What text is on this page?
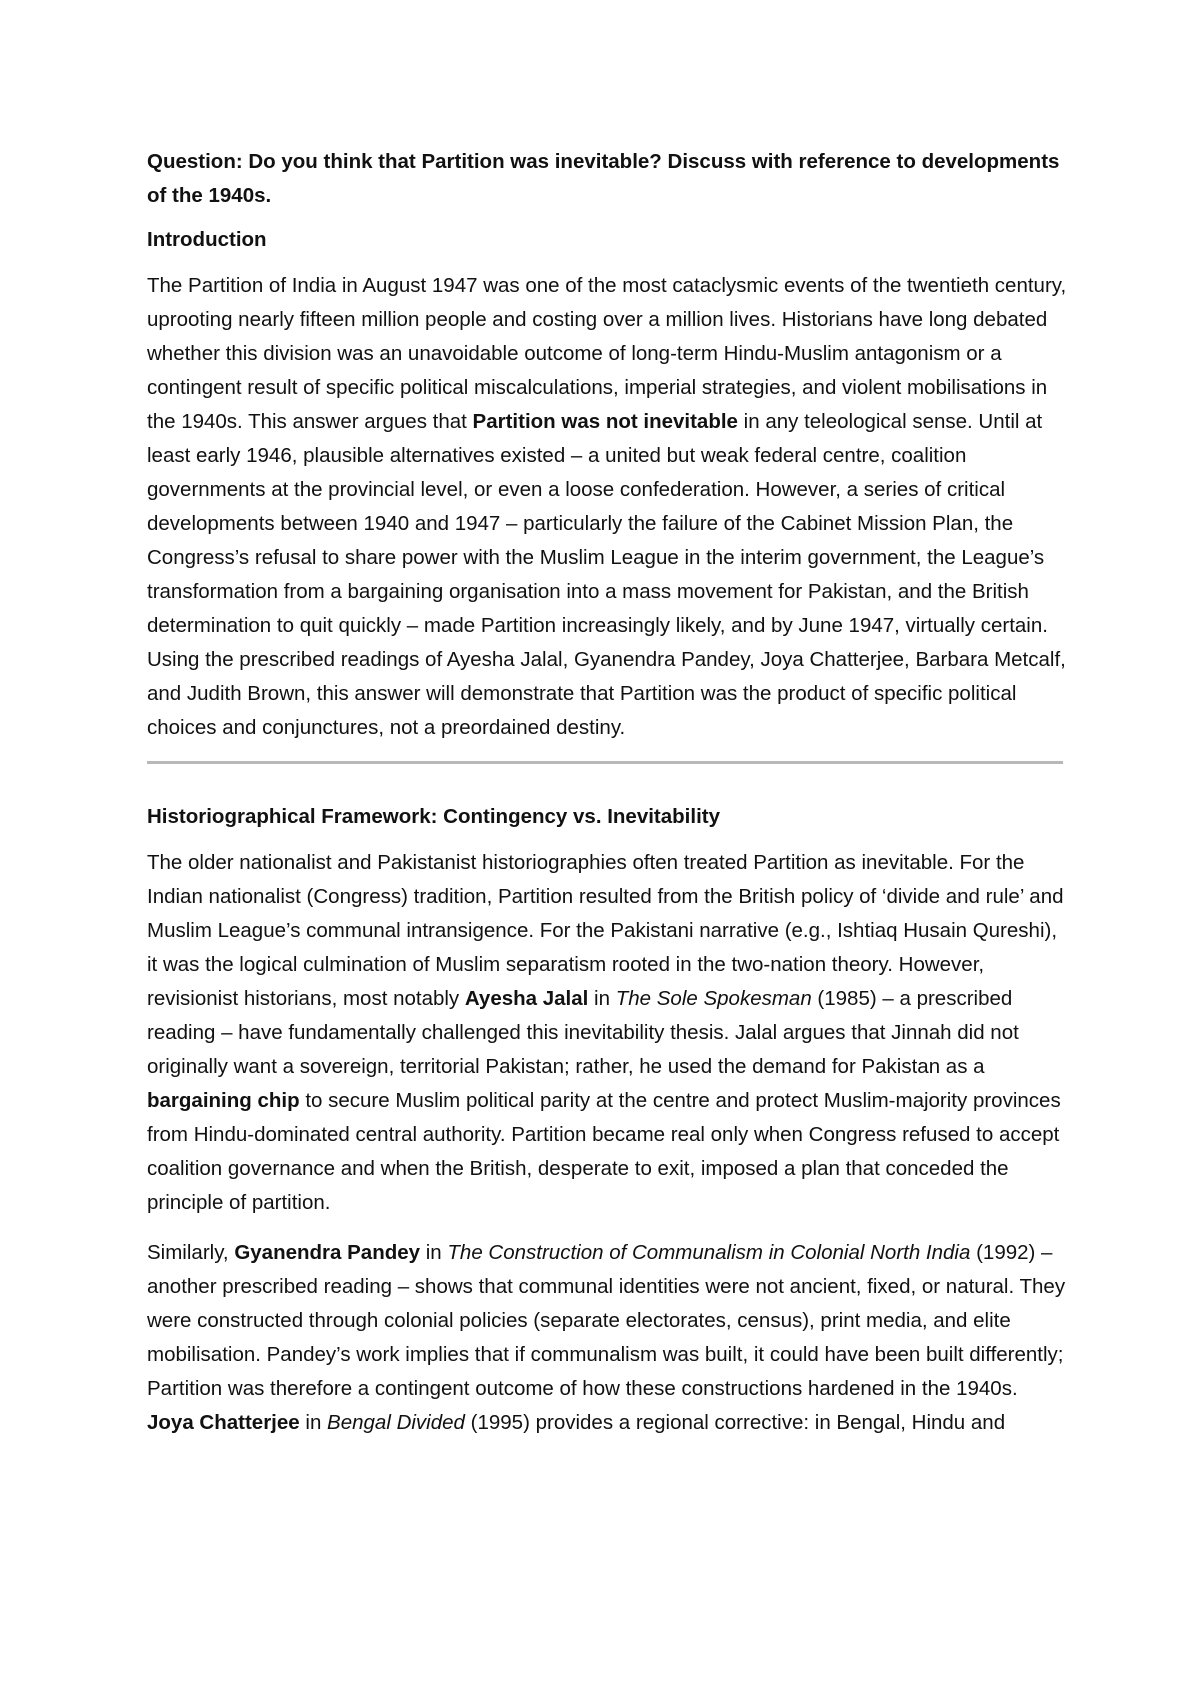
Question: Do you think that Partition was inevitable? Discuss with reference to developments of the 1940s.

Introduction

The Partition of India in August 1947 was one of the most cataclysmic events of the twentieth century, uprooting nearly fifteen million people and costing over a million lives. Historians have long debated whether this division was an unavoidable outcome of long-term Hindu-Muslim antagonism or a contingent result of specific political miscalculations, imperial strategies, and violent mobilisations in the 1940s. This answer argues that Partition was not inevitable in any teleological sense. Until at least early 1946, plausible alternatives existed – a united but weak federal centre, coalition governments at the provincial level, or even a loose confederation. However, a series of critical developments between 1940 and 1947 – particularly the failure of the Cabinet Mission Plan, the Congress’s refusal to share power with the Muslim League in the interim government, the League’s transformation from a bargaining organisation into a mass movement for Pakistan, and the British determination to quit quickly – made Partition increasingly likely, and by June 1947, virtually certain. Using the prescribed readings of Ayesha Jalal, Gyanendra Pandey, Joya Chatterjee, Barbara Metcalf, and Judith Brown, this answer will demonstrate that Partition was the product of specific political choices and conjunctures, not a preordained destiny.

Historiographical Framework: Contingency vs. Inevitability

The older nationalist and Pakistanist historiographies often treated Partition as inevitable. For the Indian nationalist (Congress) tradition, Partition resulted from the British policy of ‘divide and rule’ and Muslim League’s communal intransigence. For the Pakistani narrative (e.g., Ishtiaq Husain Qureshi), it was the logical culmination of Muslim separatism rooted in the two-nation theory. However, revisionist historians, most notably Ayesha Jalal in The Sole Spokesman (1985) – a prescribed reading – have fundamentally challenged this inevitability thesis. Jalal argues that Jinnah did not originally want a sovereign, territorial Pakistan; rather, he used the demand for Pakistan as a bargaining chip to secure Muslim political parity at the centre and protect Muslim-majority provinces from Hindu-dominated central authority. Partition became real only when Congress refused to accept coalition governance and when the British, desperate to exit, imposed a plan that conceded the principle of partition.

Similarly, Gyanendra Pandey in The Construction of Communalism in Colonial North India (1992) – another prescribed reading – shows that communal identities were not ancient, fixed, or natural. They were constructed through colonial policies (separate electorates, census), print media, and elite mobilisation. Pandey’s work implies that if communalism was built, it could have been built differently; Partition was therefore a contingent outcome of how these constructions hardened in the 1940s. Joya Chatterjee in Bengal Divided (1995) provides a regional corrective: in Bengal, Hindu and
